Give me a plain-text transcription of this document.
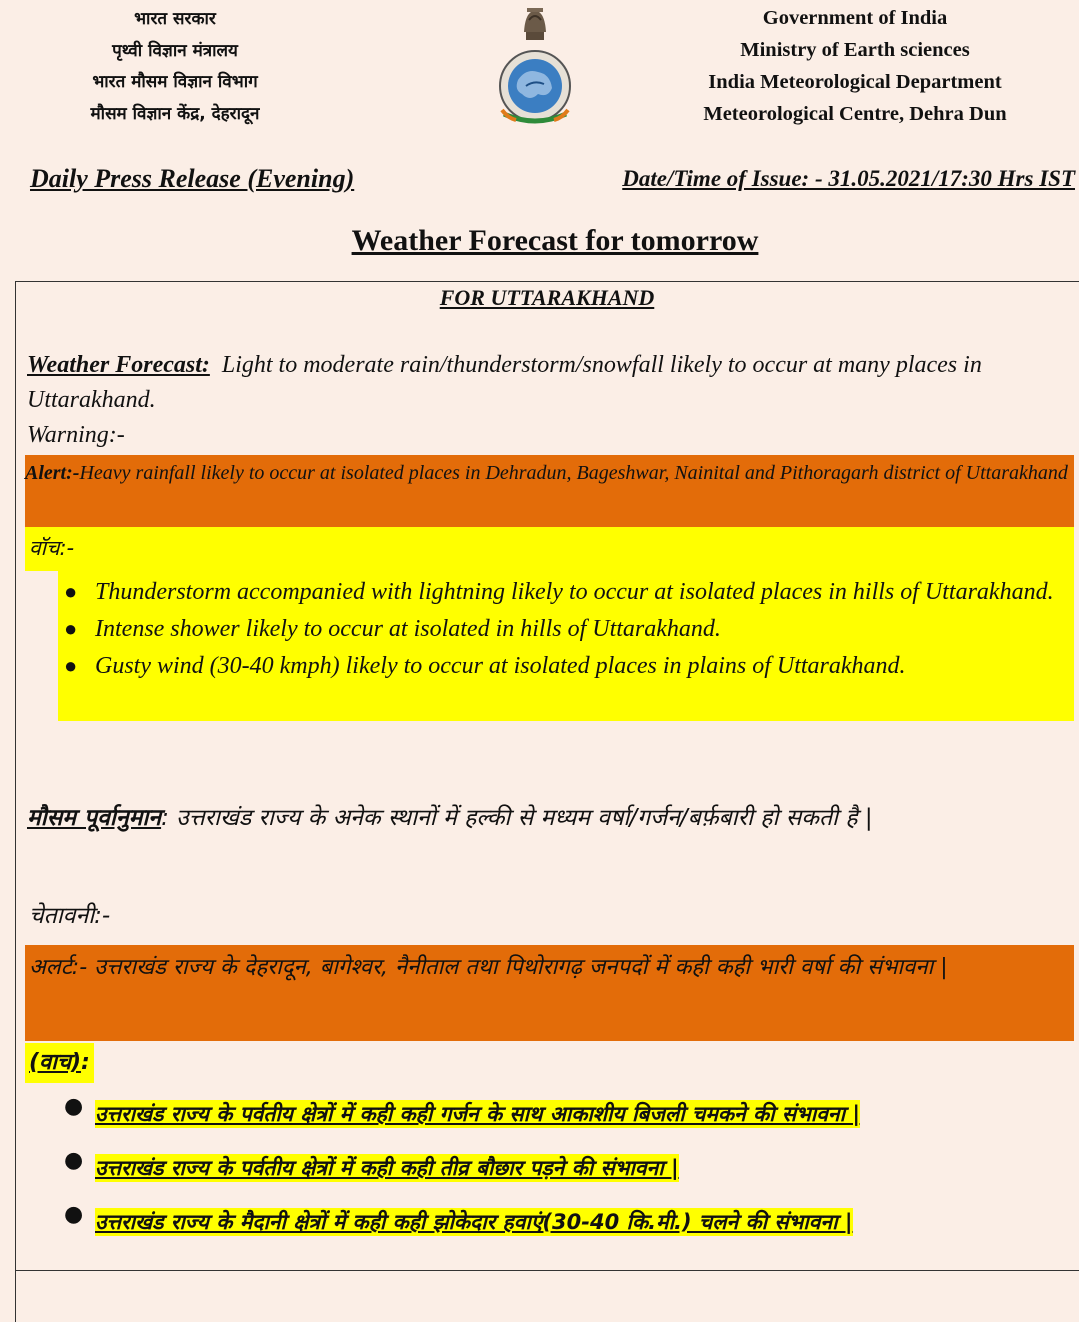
भारत सरकार
पृथ्वी विज्ञान मंत्रालय
भारत मौसम विज्ञान विभाग
मौसम विज्ञान केंद्र, देहरादून
Government of India
Ministry of Earth sciences
India Meteorological Department
Meteorological Centre, Dehra Dun
Daily Press Release (Evening)	Date/Time of Issue: - 31.05.2021/17:30 Hrs IST
Weather Forecast for tomorrow
FOR UTTARAKHAND
Weather Forecast: Light to moderate rain/thunderstorm/snowfall likely to occur at many places in Uttarakhand.
Warning:-
Alert:-Heavy rainfall likely to occur at isolated places in Dehradun, Bageshwar, Nainital and Pithoragarh district of Uttarakhand
वॉच:-
● Thunderstorm accompanied with lightning likely to occur at isolated places in hills of Uttarakhand.
● Intense shower likely to occur at isolated in hills of Uttarakhand.
● Gusty wind (30-40 kmph) likely to occur at isolated places in plains of Uttarakhand.
मौसम पूर्वानुमान: उत्तराखंड राज्य के अनेक स्थानों में हल्की से मध्यम वर्षा/गर्जन/बर्फ़बारी हो सकती है |
चेतावनी:-
अलर्ट:- उत्तराखंड राज्य के देहरादून, बागेश्वर, नैनीताल तथा पिथोरागढ़ जनपदों में कही कही भारी वर्षा की संभावना |
(वाच):
● उत्तराखंड राज्य के पर्वतीय क्षेत्रों में कही कही गर्जन के साथ आकाशीय बिजली चमकने की संभावना |
● उत्तराखंड राज्य के पर्वतीय क्षेत्रों में कही कही तीव्र बौछार पड़ने की संभावना |
● उत्तराखंड राज्य के मैदानी क्षेत्रों में कही कही झोकेदार हवाएं(30-40 कि.मी.) चलने की संभावना |
